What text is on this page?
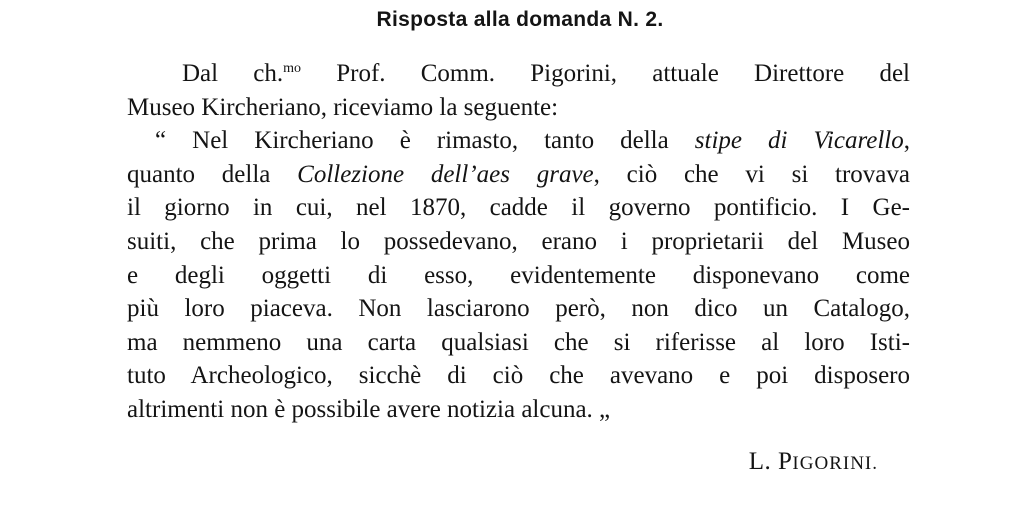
Risposta alla domanda N. 2.
Dal ch.$^{mo}$ Prof. Comm. Pigorini, attuale Direttore del
Museo Kircheriano, riceviamo la seguente:
“ Nel Kircheriano è rimasto, tanto della stipe di Vicarello,
quanto della Collezione dell’aes grave, ciò che vi si trovava
il giorno in cui, nel 1870, cadde il governo pontificio. I Ge-
suiti, che prima lo possedevano, erano i proprietarii del Museo
e degli oggetti di esso, evidentemente disponevano come
più loro piaceva. Non lasciarono però, non dico un Catalogo,
ma nemmeno una carta qualsiasi che si riferisse al loro Isti-
tuto Archeologico, sicchè di ciò che avevano e poi disposero
altrimenti non è possibile avere notizia alcuna. „
L. PIGORINI.
